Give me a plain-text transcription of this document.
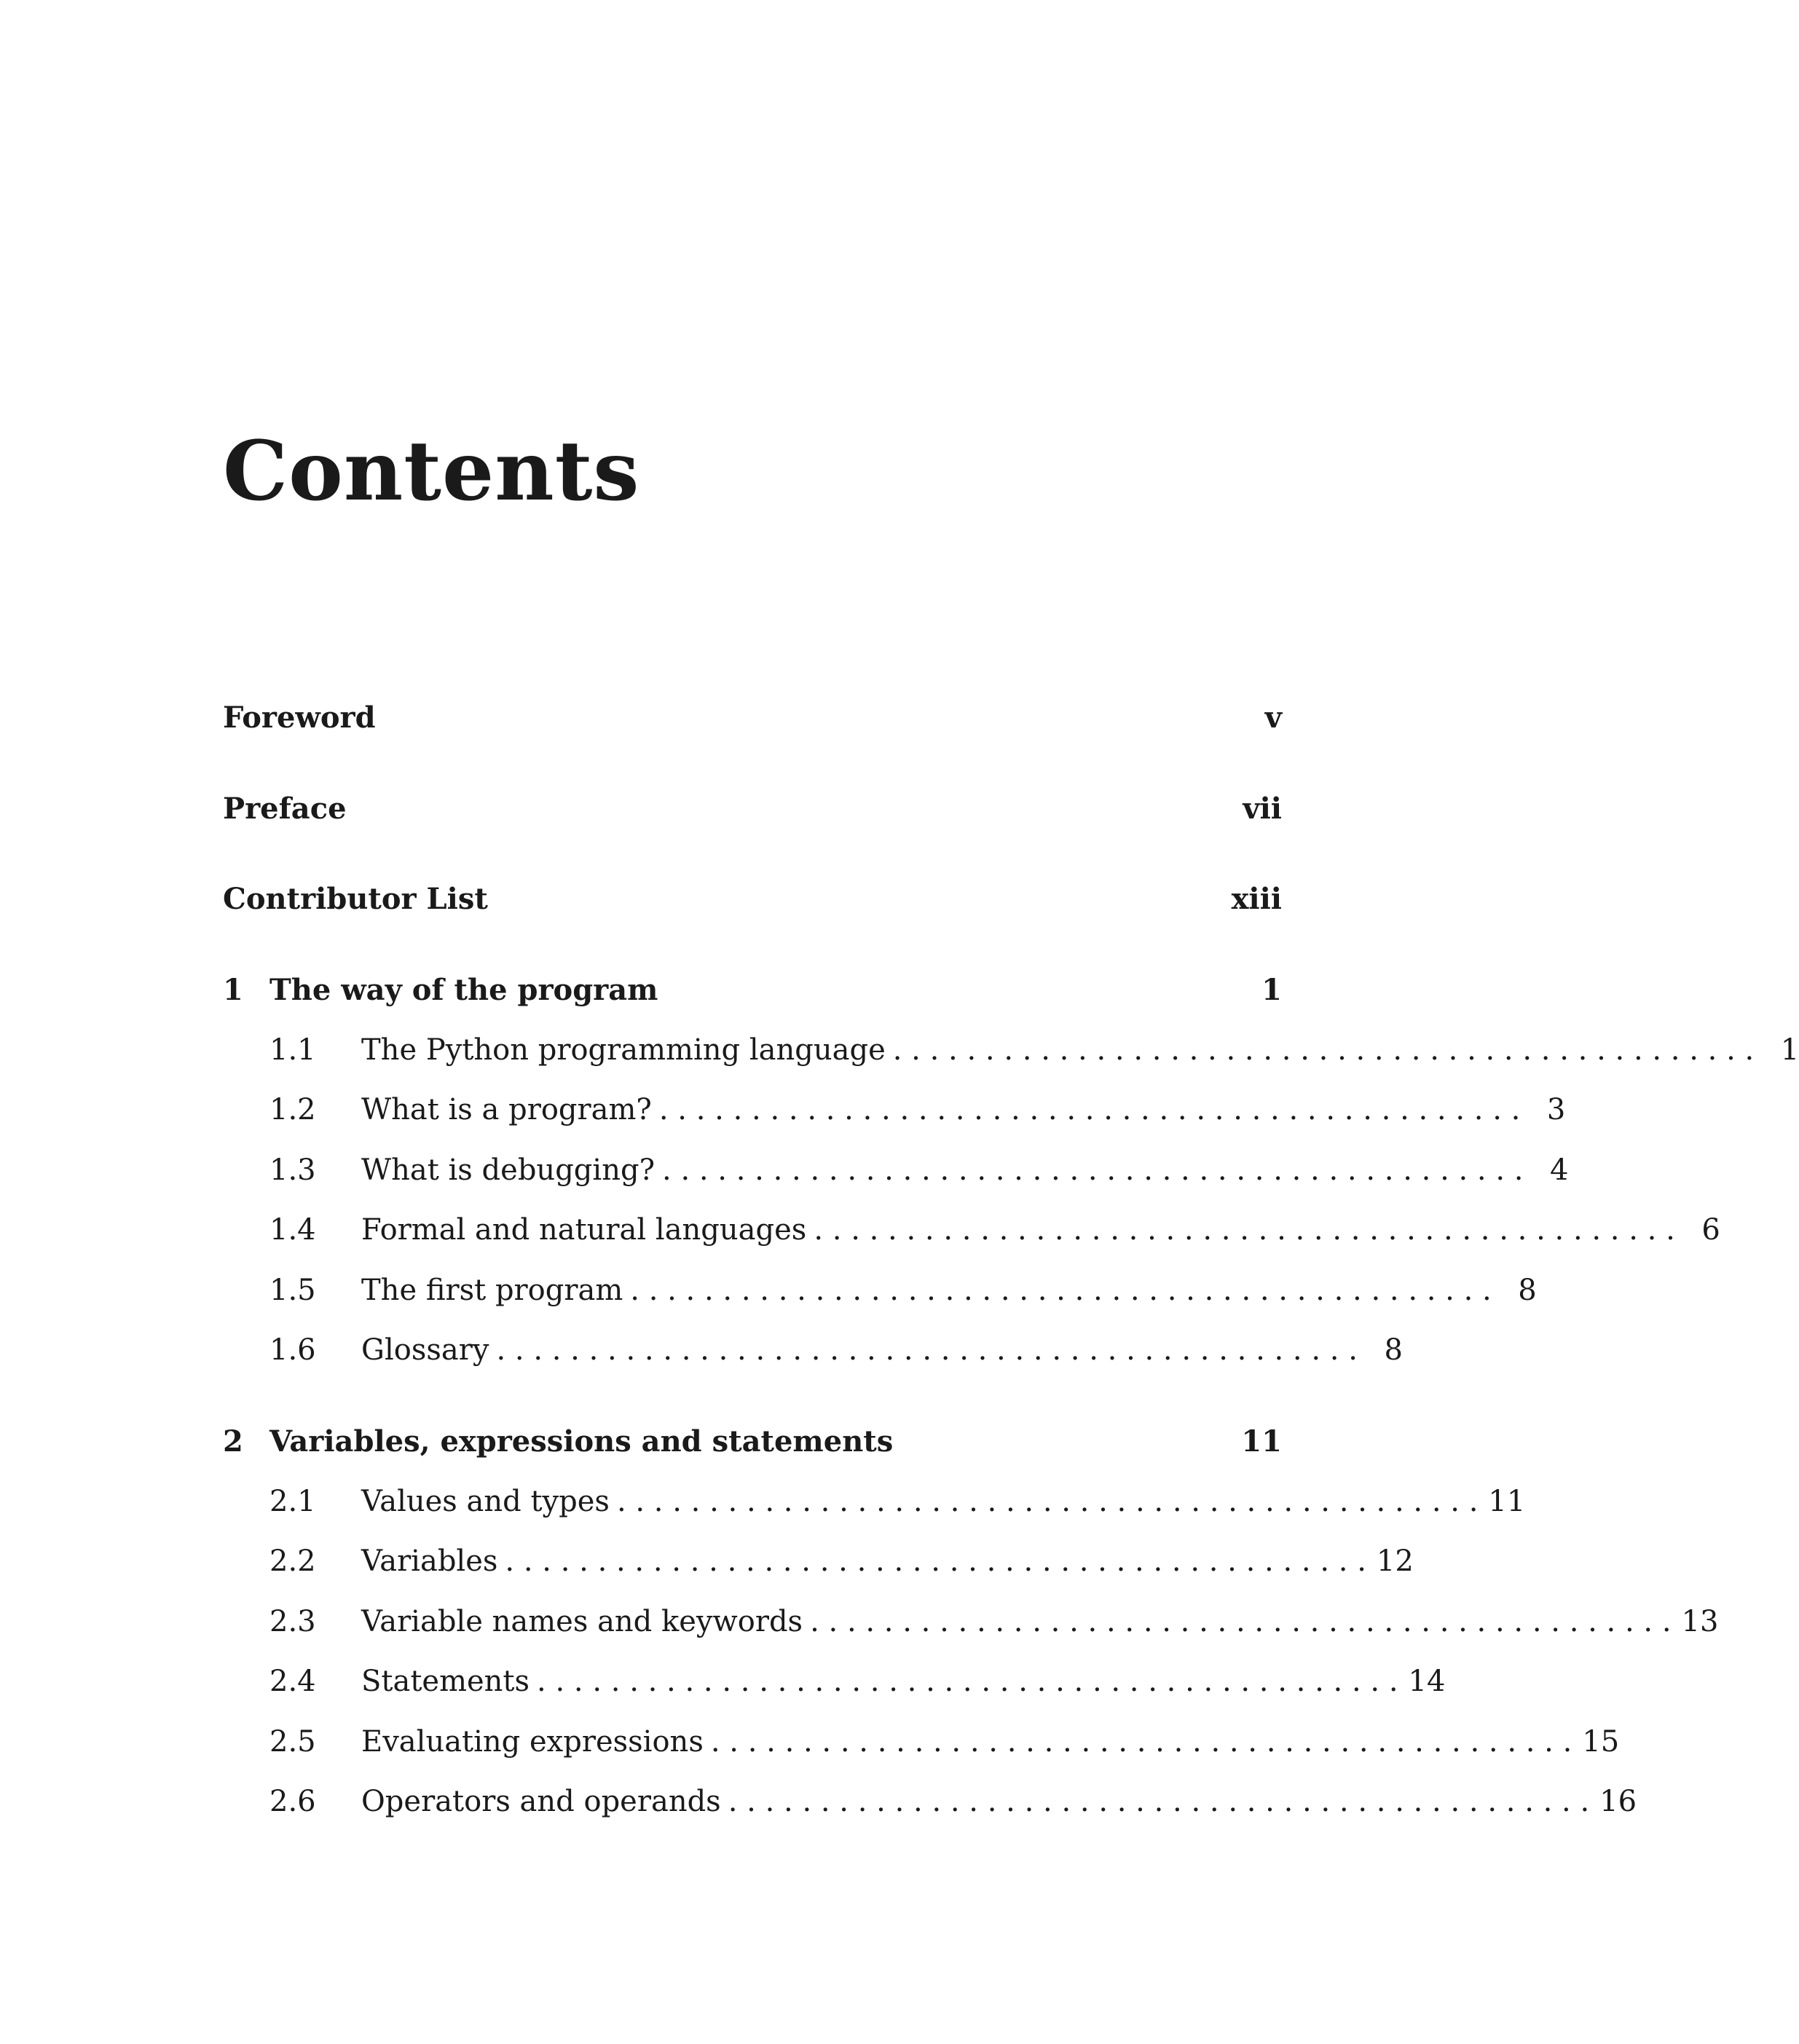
Contents
Foreword	v
Preface	vii
Contributor List	xiii
1 The way of the program	1
1.1	The Python programming language . . . . . . . . . . . . . . . . . . . . . . . . . . . . . . . . . . . . . . . . . . . . . . . 1
1.2	What is a program? . . . . . . . . . . . . . . . . . . . . . . . . . . . . . . . . . . . . . . . . . . . . . . . 3
1.3	What is debugging? . . . . . . . . . . . . . . . . . . . . . . . . . . . . . . . . . . . . . . . . . . . . . . . 4
1.4	Formal and natural languages . . . . . . . . . . . . . . . . . . . . . . . . . . . . . . . . . . . . . . . . . . . . . . . 6
1.5	The first program . . . . . . . . . . . . . . . . . . . . . . . . . . . . . . . . . . . . . . . . . . . . . . . 8
1.6	Glossary . . . . . . . . . . . . . . . . . . . . . . . . . . . . . . . . . . . . . . . . . . . . . . . 8
2 Variables, expressions and statements	11
2.1	Values and types . . . . . . . . . . . . . . . . . . . . . . . . . . . . . . . . . . . . . . . . . . . . . . . 11
2.2	Variables . . . . . . . . . . . . . . . . . . . . . . . . . . . . . . . . . . . . . . . . . . . . . . . 12
2.3	Variable names and keywords . . . . . . . . . . . . . . . . . . . . . . . . . . . . . . . . . . . . . . . . . . . . . . . 13
2.4	Statements . . . . . . . . . . . . . . . . . . . . . . . . . . . . . . . . . . . . . . . . . . . . . . . 14
2.5	Evaluating expressions . . . . . . . . . . . . . . . . . . . . . . . . . . . . . . . . . . . . . . . . . . . . . . . 15
2.6	Operators and operands . . . . . . . . . . . . . . . . . . . . . . . . . . . . . . . . . . . . . . . . . . . . . . . 16
